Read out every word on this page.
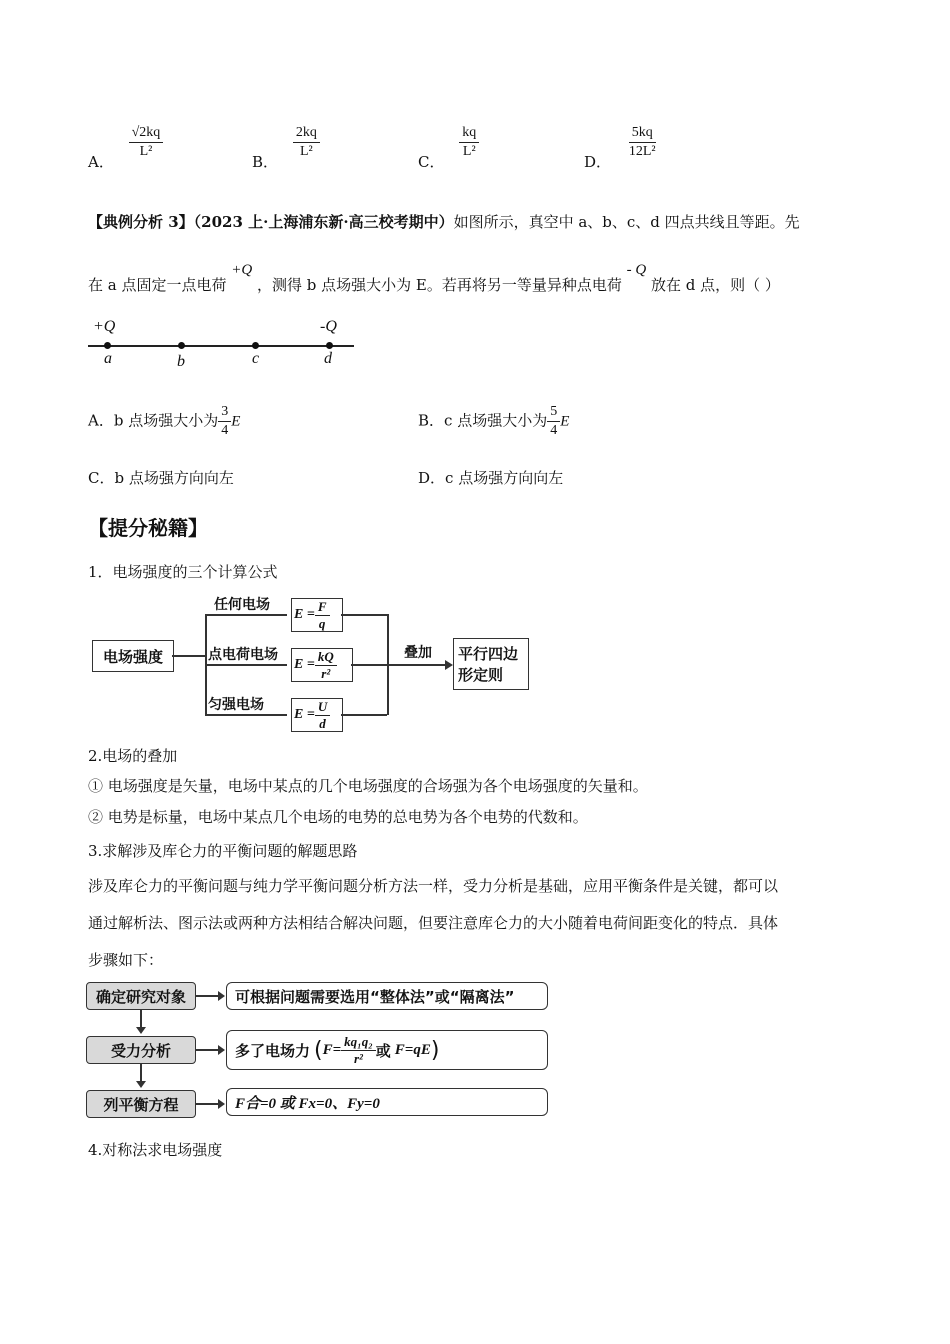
A．
$\frac{√2kq}{\text{L²}}$
B．
$\frac{2kq}{\text{L²}}$
C．
$\frac{kq}{\text{L²}}$
D．
$\frac{5kq}{\text{12L²}}$
【典例分析 3】（2023 上·上海浦东新·高三校考期中）如图所示，真空中 a、b、c、d 四点共线且等距。先
在 a 点固定一点电荷 +Q ，测得 b 点场强大小为 E。若再将另一等量异种点电荷 - Q 放在 d 点，则（ ）
+Q	-Q
a	b	c	d
A．b 点场强大小为 $\frac{3}{4}$ E	B．c 点场强大小为 $\frac{5}{4}$ E
C．b 点场强方向向左	D．c 点场强方向向左
【提分秘籍】
1．电场强度的三个计算公式
电场强度
任何电场
点电荷电场
匀强电场
$E = \frac{F}{q}$
$E = \frac{kQ}{\text{r²}}$
$E = \frac{U}{d}$
叠加 平行四边
形定则
2.电场的叠加
① 电场强度是矢量，电场中某点的几个电场强度的合场强为各个电场强度的矢量和。
② 电势是标量，电场中某点几个电场的电势的总电势为各个电势的代数和。
3.求解涉及库仑力的平衡问题的解题思路
涉及库仑力的平衡问题与纯力学平衡问题分析方法一样，受力分析是基础，应用平衡条件是关键，都可以
通过解析法、图示法或两种方法相结合解决问题，但要注意库仑力的大小随着电荷间距变化的特点．具体
步骤如下：
确定研究对象
受力分析
列平衡方程
可根据问题需要选用“整体法”或“隔离法”
多了电场力 ( $F= \frac{\text{kq₁q₂}}{\text{r²}}$ 或 F=qE )
F合=0 或 Fx=0、Fy=0
4.对称法求电场强度
